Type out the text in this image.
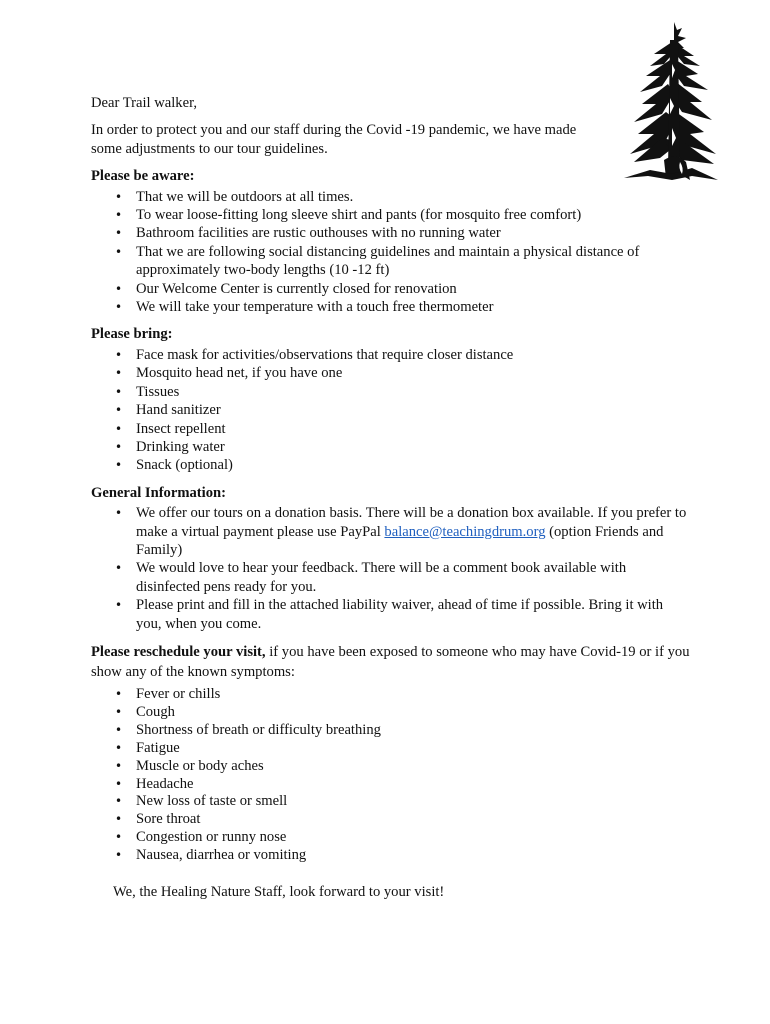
Dear Trail walker,

In order to protect you and our staff during the Covid -19 pandemic, we have made some adjustments to our tour guidelines.

Please be aware:

• That we will be outdoors at all times.
• To wear loose-fitting long sleeve shirt and pants (for mosquito free comfort)
• Bathroom facilities are rustic outhouses with no running water
• That we are following social distancing guidelines and maintain a physical distance of approximately two-body lengths (10 -12 ft)
• Our Welcome Center is currently closed for renovation
• We will take your temperature with a touch free thermometer

Please bring:

• Face mask for activities/observations that require closer distance
• Mosquito head net, if you have one
• Tissues
• Hand sanitizer
• Insect repellent
• Drinking water
• Snack (optional)

General Information:

• We offer our tours on a donation basis. There will be a donation box available. If you prefer to make a virtual payment please use PayPal balance@teachingdrum.org (option Friends and Family)
• We would love to hear your feedback. There will be a comment book available with disinfected pens ready for you.
• Please print and fill in the attached liability waiver, ahead of time if possible. Bring it with you, when you come.

Please reschedule your visit, if you have been exposed to someone who may have Covid-19 or if you show any of the known symptoms:

• Fever or chills
• Cough
• Shortness of breath or difficulty breathing
• Fatigue
• Muscle or body aches
• Headache
• New loss of taste or smell
• Sore throat
• Congestion or runny nose
• Nausea, diarrhea or vomiting

We, the Healing Nature Staff, look forward to your visit!
